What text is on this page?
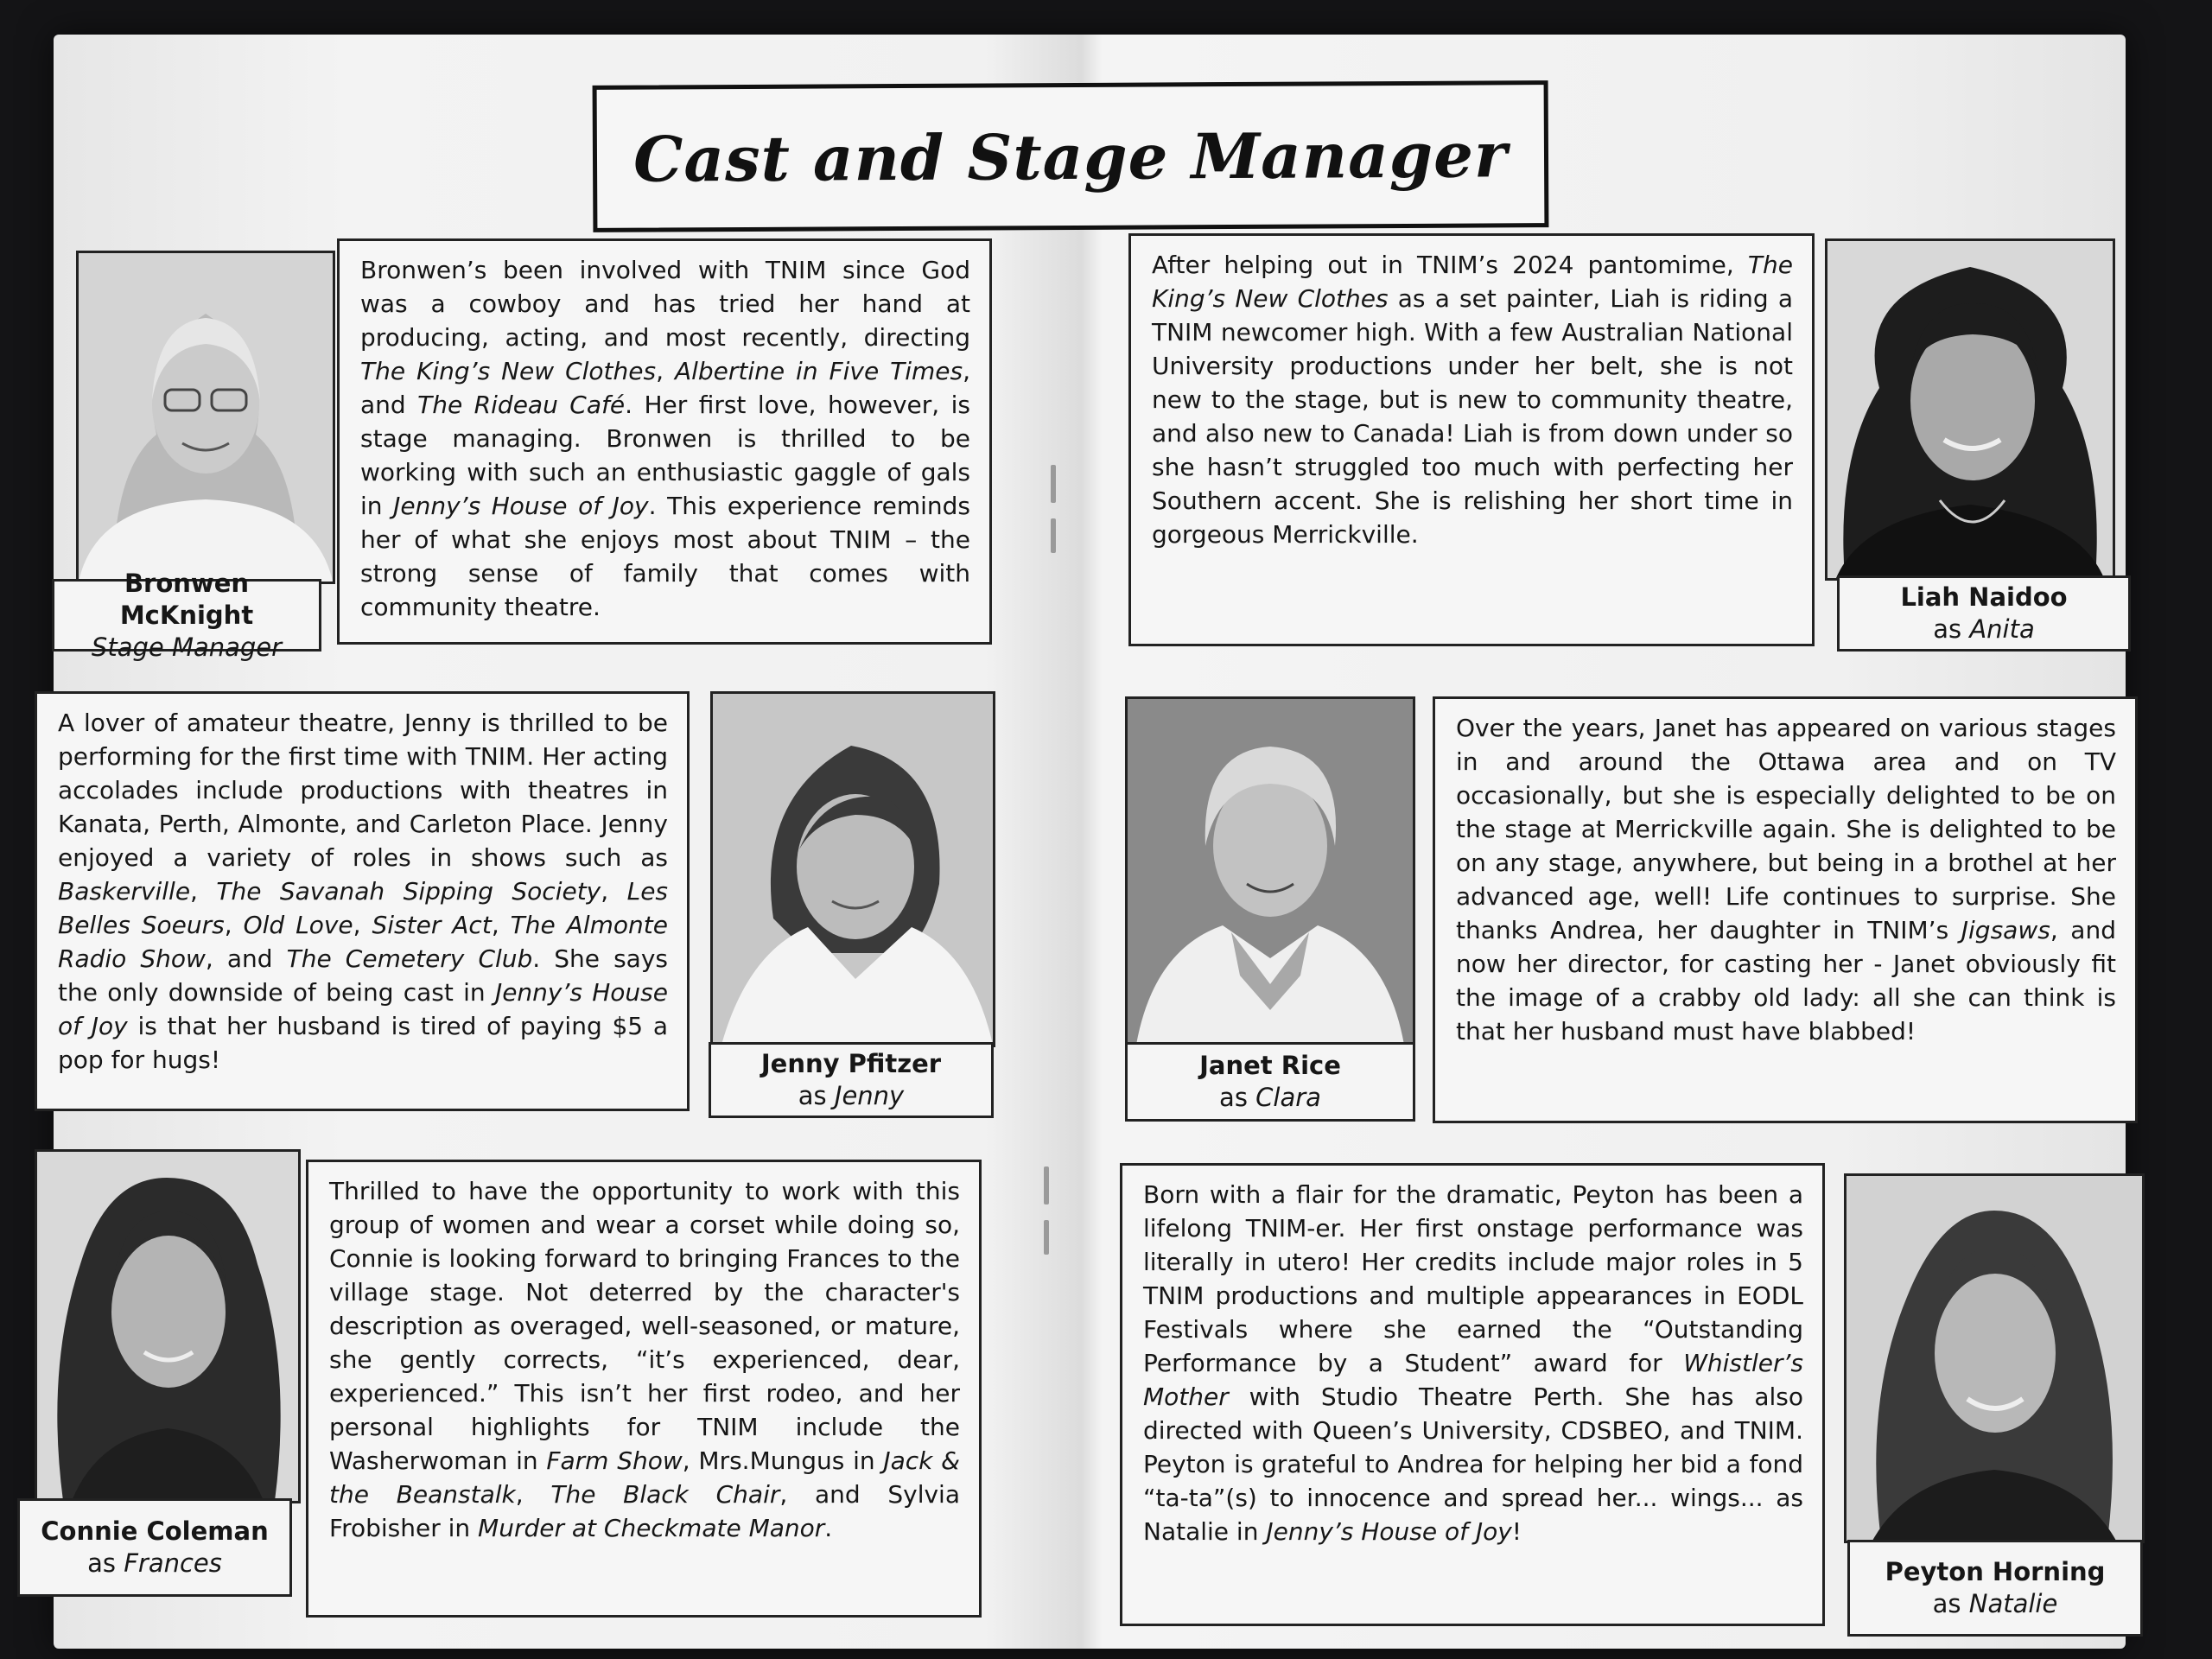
Cast and Stage Manager
Bronwen McKnight
Stage Manager

Bronwen’s been involved with TNIM since God was a cowboy and has tried her hand at producing, acting, and most recently, directing The King’s New Clothes, Albertine in Five Times, and The Rideau Café. Her first love, however, is stage managing. Bronwen is thrilled to be working with such an enthusiastic gaggle of gals in Jenny’s House of Joy. This experience reminds her of what she enjoys most about TNIM – the strong sense of family that comes with community theatre.

After helping out in TNIM’s 2024 pantomime, The King’s New Clothes as a set painter, Liah is riding a TNIM newcomer high. With a few Australian National University productions under her belt, she is not new to the stage, but is new to community theatre, and also new to Canada! Liah is from down under so she hasn’t struggled too much with perfecting her Southern accent. She is relishing her short time in gorgeous Merrickville.

Liah Naidoo
as Anita

A lover of amateur theatre, Jenny is thrilled to be performing for the first time with TNIM. Her acting accolades include productions with theatres in Kanata, Perth, Almonte, and Carleton Place. Jenny enjoyed a variety of roles in shows such as Baskerville, The Savanah Sipping Society, Les Belles Soeurs, Old Love, Sister Act, The Almonte Radio Show, and The Cemetery Club. She says the only downside of being cast in Jenny’s House of Joy is that her husband is tired of paying $5 a pop for hugs!	Jenny Pfitzer
as Jenny
Janet Rice
as Clara

Over the years, Janet has appeared on various stages in and around the Ottawa area and on TV occasionally, but she is especially delighted to be on the stage at Merrickville again. She is delighted to be on any stage, anywhere, but being in a brothel at her advanced age, well! Life continues to surprise. She thanks Andrea, her daughter in TNIM’s Jigsaws, and now her director, for casting her - Janet obviously fit the image of a crabby old lady: all she can think is that her husband must have blabbed!

Connie Coleman
as Frances

Thrilled to have the opportunity to work with this group of women and wear a corset while doing so, Connie is looking forward to bringing Frances to the village stage. Not deterred by the character's description as overaged, well-seasoned, or mature, she gently corrects, “it’s experienced, dear, experienced.” This isn’t her first rodeo, and her personal highlights for TNIM include the Washerwoman in Farm Show, Mrs.Mungus in Jack & the Beanstalk, The Black Chair, and Sylvia Frobisher in Murder at Checkmate Manor.

Born with a flair for the dramatic, Peyton has been a lifelong TNIM-er. Her first onstage performance was literally in utero! Her credits include major roles in 5 TNIM productions and multiple appearances in EODL Festivals where she earned the “Outstanding Performance by a Student” award for Whistler’s Mother with Studio Theatre Perth. She has also directed with Queen’s University, CDSBEO, and TNIM. Peyton is grateful to Andrea for helping her bid a fond “ta-ta”(s) to innocence and spread her... wings... as Natalie in Jenny’s House of Joy!

Peyton Horning
as Natalie
